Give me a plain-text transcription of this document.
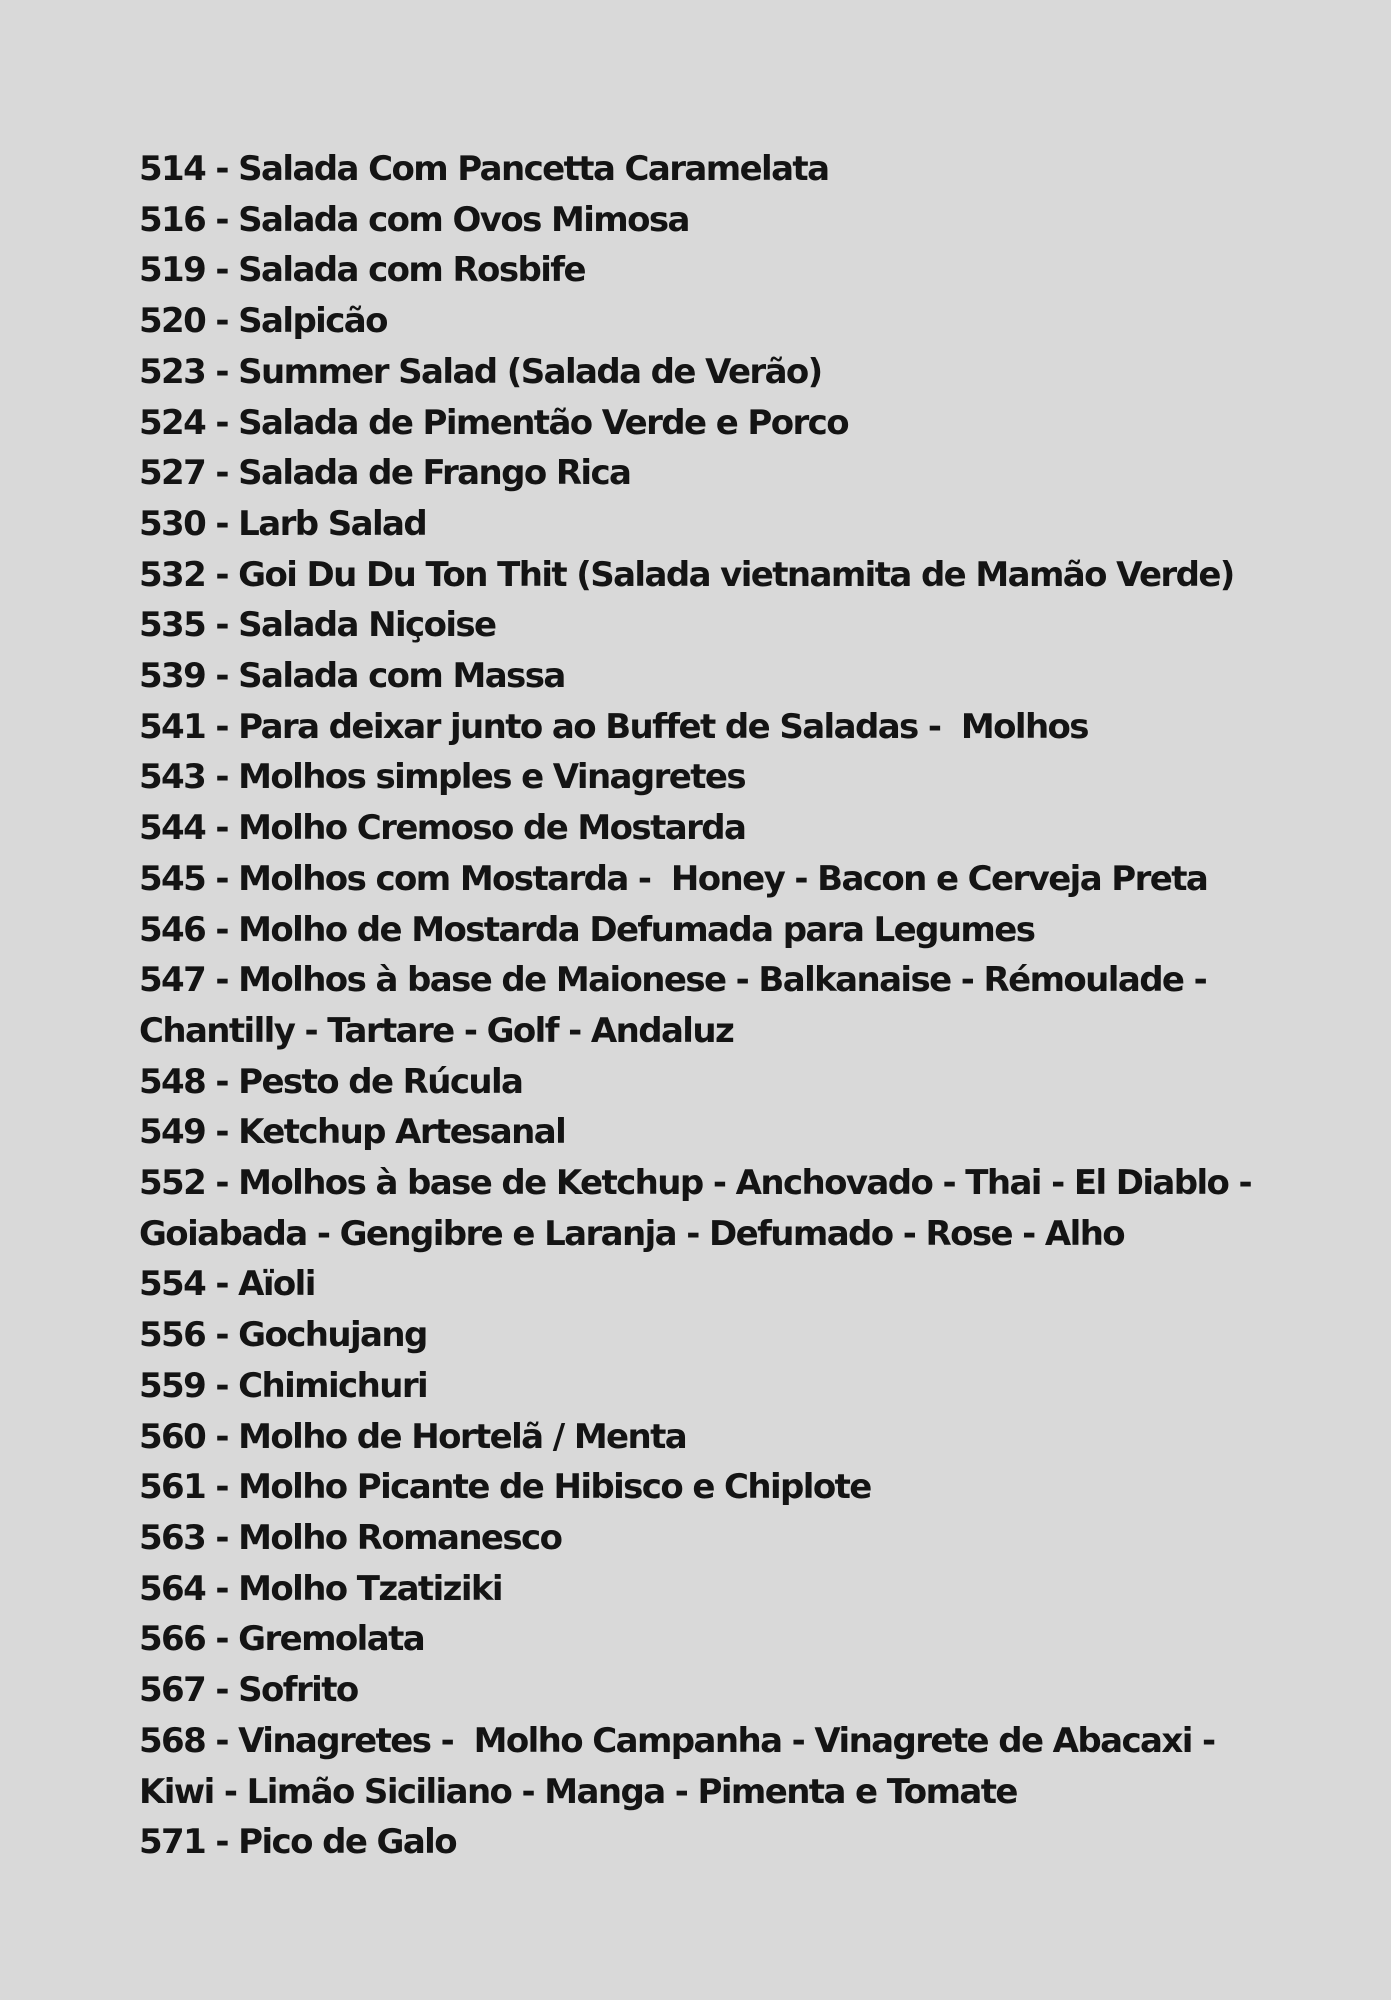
514 - Salada Com Pancetta Caramelata
516 - Salada com Ovos Mimosa
519 - Salada com Rosbife
520 - Salpicão
523 - Summer Salad (Salada de Verão)
524 - Salada de Pimentão Verde e Porco
527 - Salada de Frango Rica
530 - Larb Salad
532 - Goi Du Du Ton Thit (Salada vietnamita de Mamão Verde)
535 - Salada Niçoise
539 - Salada com Massa
541 - Para deixar junto ao Buffet de Saladas -  Molhos
543 - Molhos simples e Vinagretes
544 - Molho Cremoso de Mostarda
545 - Molhos com Mostarda -  Honey - Bacon e Cerveja Preta
546 - Molho de Mostarda Defumada para Legumes
547 - Molhos à base de Maionese - Balkanaise - Rémoulade - Chantilly - Tartare - Golf - Andaluz
548 - Pesto de Rúcula
549 - Ketchup Artesanal
552 - Molhos à base de Ketchup - Anchovado - Thai - El Diablo - Goiabada - Gengibre e Laranja - Defumado - Rose - Alho
554 - Aïoli
556 - Gochujang
559 - Chimichuri
560 - Molho de Hortelã / Menta
561 - Molho Picante de Hibisco e Chiplote
563 - Molho Romanesco
564 - Molho Tzatiziki
566 - Gremolata
567 - Sofrito
568 - Vinagretes -  Molho Campanha - Vinagrete de Abacaxi - Kiwi - Limão Siciliano - Manga - Pimenta e Tomate
571 - Pico de Galo
